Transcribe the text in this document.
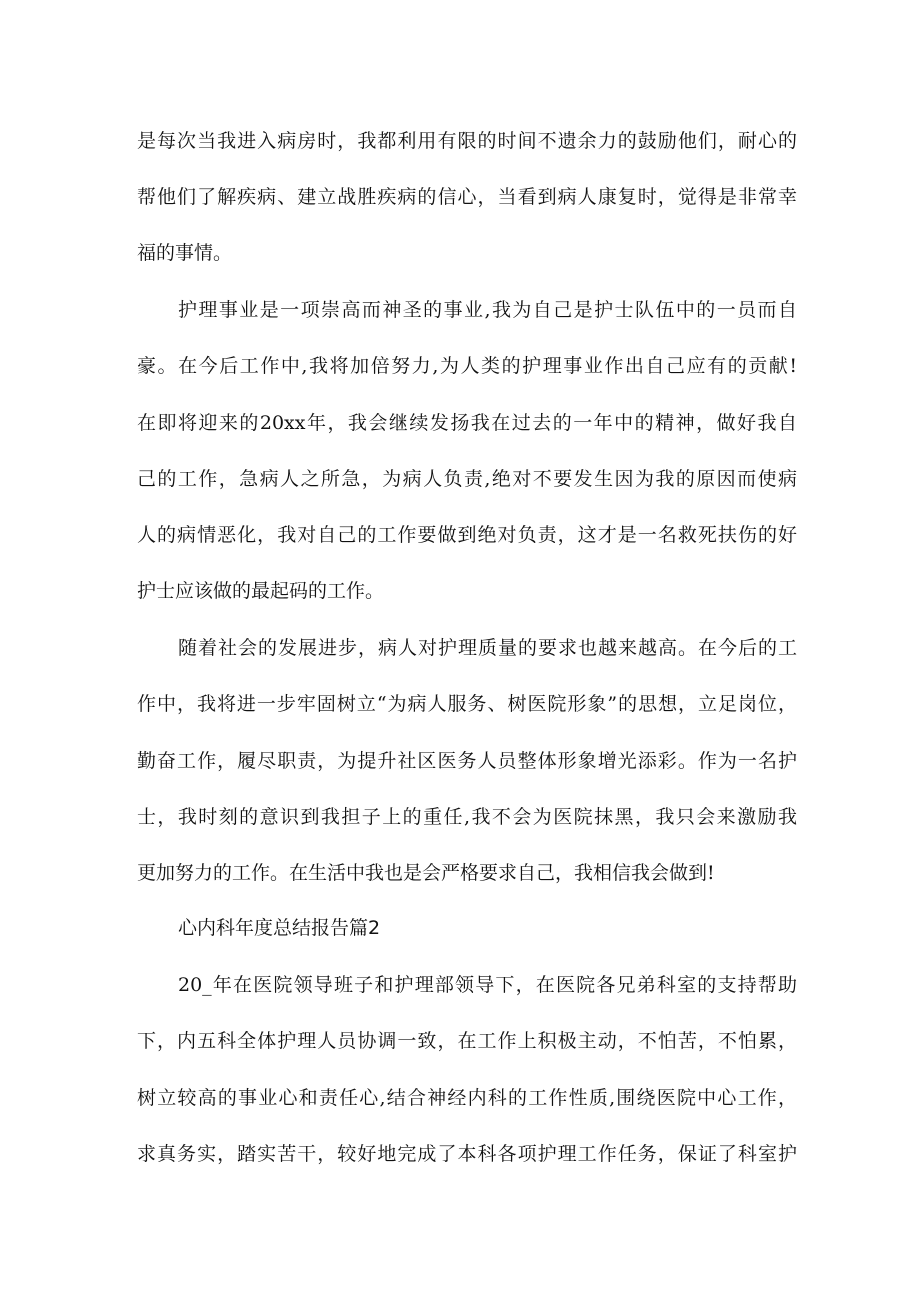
是每次当我进入病房时，我都利用有限的时间不遗余力的鼓励他们，耐心的
帮他们了解疾病、建立战胜疾病的信心，当看到病人康复时，觉得是非常幸
福的事情。
护理事业是一项崇高而神圣的事业,我为自己是护士队伍中的一员而自
豪。在今后工作中,我将加倍努力,为人类的护理事业作出自己应有的贡献!
在即将迎来的20xx年，我会继续发扬我在过去的一年中的精神，做好我自
己的工作，急病人之所急，为病人负责,绝对不要发生因为我的原因而使病
人的病情恶化，我对自己的工作要做到绝对负责，这才是一名救死扶伤的好
护士应该做的最起码的工作。
随着社会的发展进步，病人对护理质量的要求也越来越高。在今后的工
作中，我将进一步牢固树立“为病人服务、树医院形象”的思想，立足岗位，
勤奋工作，履尽职责，为提升社区医务人员整体形象增光添彩。作为一名护
士，我时刻的意识到我担子上的重任,我不会为医院抹黑，我只会来激励我
更加努力的工作。在生活中我也是会严格要求自己，我相信我会做到!
心内科年度总结报告篇2
20_年在医院领导班子和护理部领导下，在医院各兄弟科室的支持帮助
下，内五科全体护理人员协调一致，在工作上积极主动，不怕苦，不怕累，
树立较高的事业心和责任心,结合神经内科的工作性质,围绕医院中心工作，
求真务实，踏实苦干，较好地完成了本科各项护理工作任务，保证了科室护
